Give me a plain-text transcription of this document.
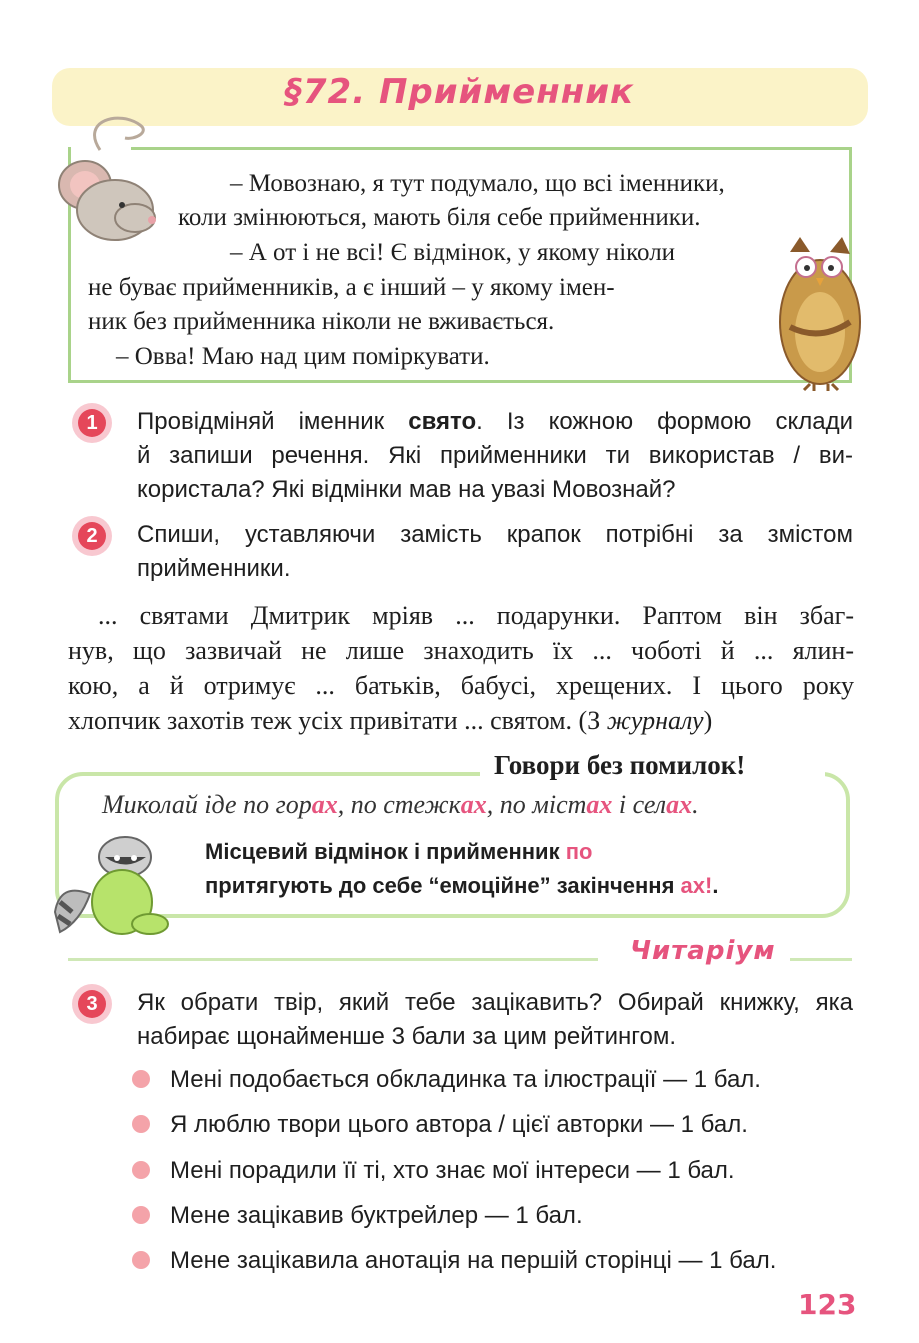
§72. Прийменник
– Мовознаю, я тут подумало, що всі іменники,
коли змінюються, мають біля себе прийменники.
– А от і не всі! Є відмінок, у якому ніколи
не буває прийменників, а є інший – у якому імен-
ник без прийменника ніколи не вживається.
– Овва! Маю над цим поміркувати.
1	Провідміняй іменник свято. Із кожною формою склади
й запиши речення. Які прийменники ти використав / ви-
користала? Які відмінки мав на увазі Мовознай?
2	Спиши, уставляючи замість крапок потрібні за змістом
прийменники.
... святами Дмитрик мріяв ... подарунки. Раптом він збаг-
нув, що зазвичай не лише знаходить їх ... чоботі й ... ялин-
кою, а й отримує ... батьків, бабусі, хрещених. І цього року
хлопчик захотів теж усіх привітати ... святом. (З журналу)
Говори без помилок!
Миколай іде по горах, по стежках, по містах і селах.
Місцевий відмінок і прийменник по
притягують до себе “емоційне” закінчення ах!.
Читаріум
3	Як обрати твір, який тебе зацікавить? Обирай книжку, яка
набирає щонайменше 3 бали за цим рейтингом.
Мені подобається обкладинка та ілюстрації — 1 бал.
Я люблю твори цього автора / цієї авторки — 1 бал.
Мені порадили її ті, хто знає мої інтереси — 1 бал.
Мене зацікавив буктрейлер — 1 бал.
Мене зацікавила анотація на першій сторінці — 1 бал.
123
